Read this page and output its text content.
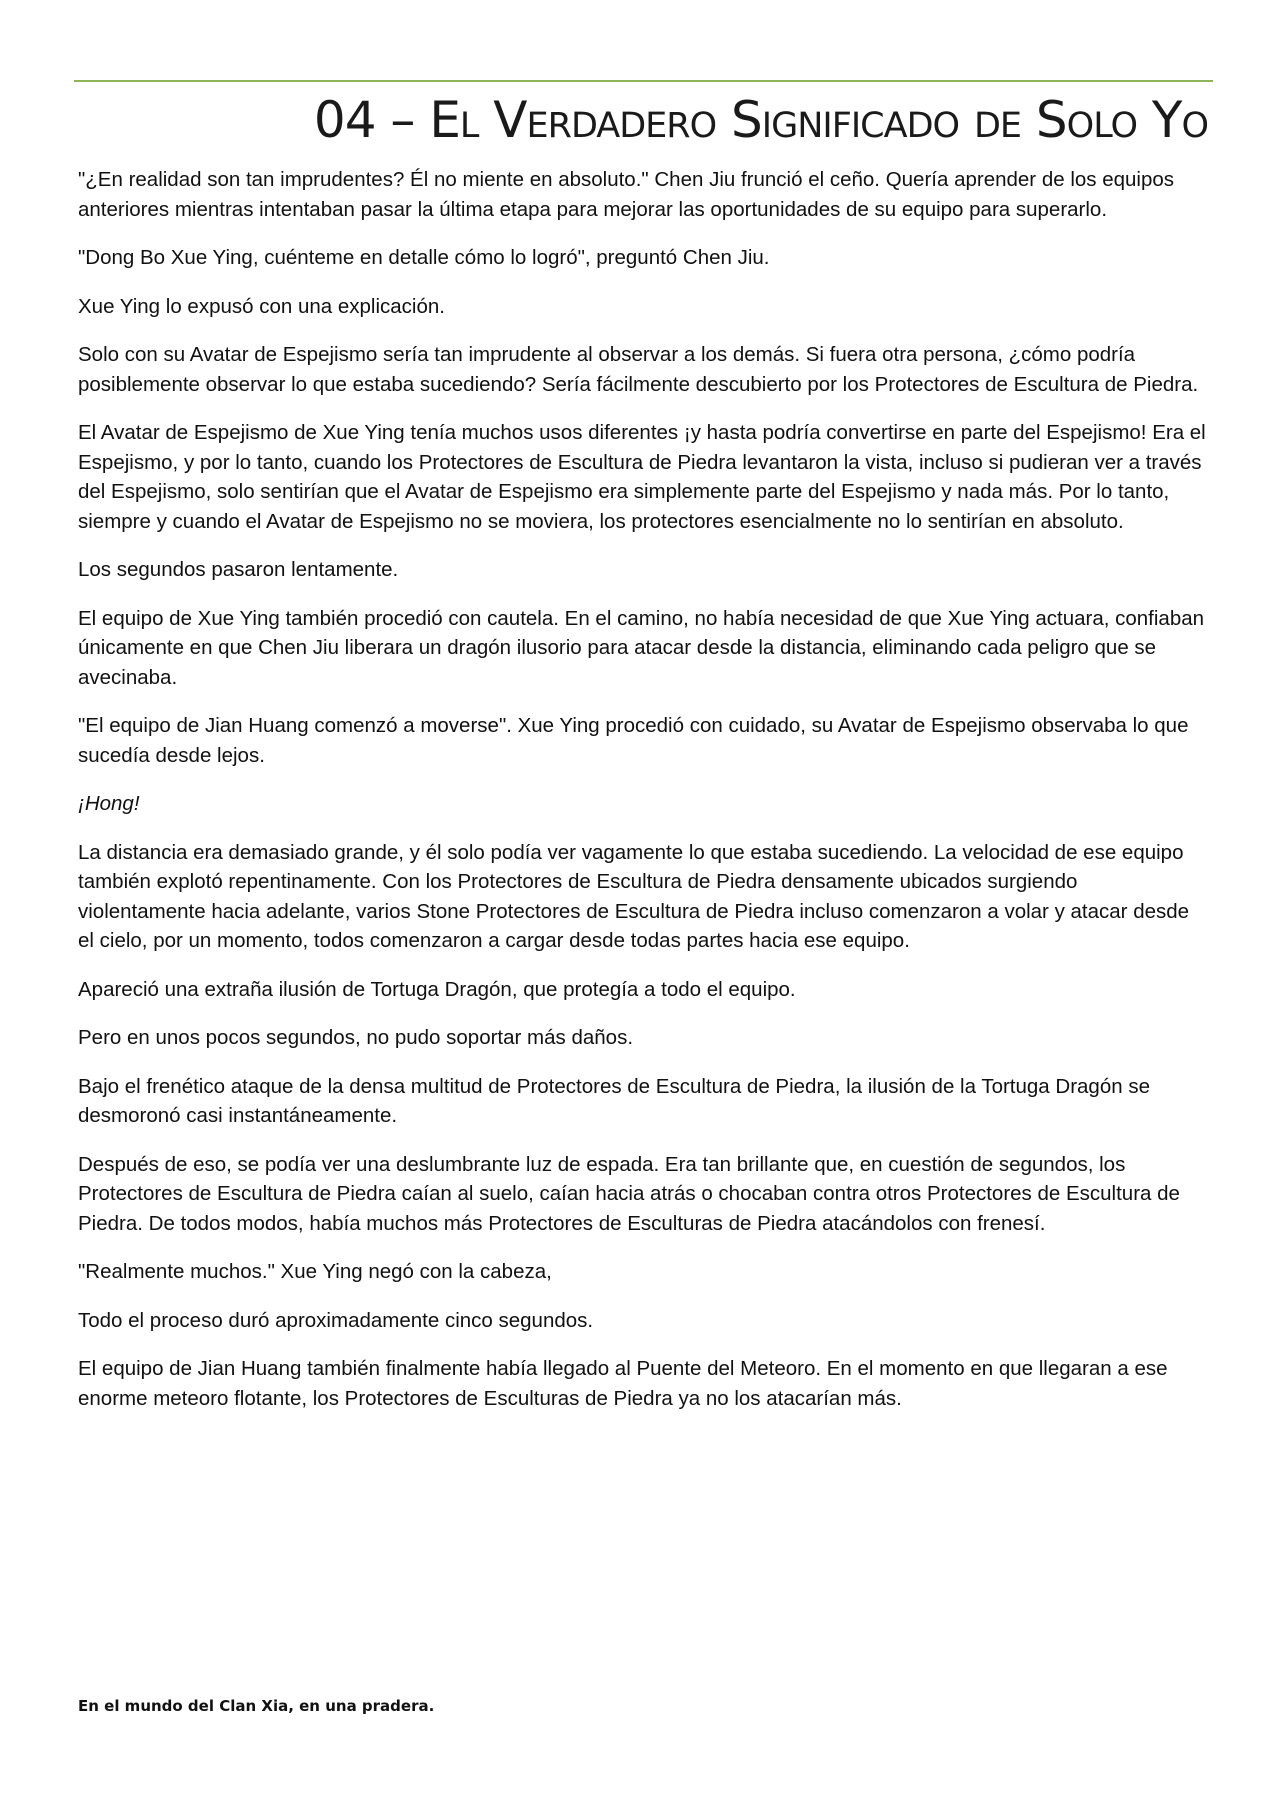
04 – El Verdadero Significado de Solo Yo

"¿En realidad son tan imprudentes? Él no miente en absoluto." Chen Jiu frunció el ceño. Quería aprender de los equipos anteriores mientras intentaban pasar la última etapa para mejorar las oportunidades de su equipo para superarlo.

"Dong Bo Xue Ying, cuénteme en detalle cómo lo logró", preguntó Chen Jiu.

Xue Ying lo expusó con una explicación.

Solo con su Avatar de Espejismo sería tan imprudente al observar a los demás. Si fuera otra persona, ¿cómo podría posiblemente observar lo que estaba sucediendo? Sería fácilmente descubierto por los Protectores de Escultura de Piedra.

El Avatar de Espejismo de Xue Ying tenía muchos usos diferentes ¡y hasta podría convertirse en parte del Espejismo! Era el Espejismo, y por lo tanto, cuando los Protectores de Escultura de Piedra levantaron la vista, incluso si pudieran ver a través del Espejismo, solo sentirían que el Avatar de Espejismo era simplemente parte del Espejismo y nada más. Por lo tanto, siempre y cuando el Avatar de Espejismo no se moviera, los protectores esencialmente no lo sentirían en absoluto.

Los segundos pasaron lentamente.

El equipo de Xue Ying también procedió con cautela. En el camino, no había necesidad de que Xue Ying actuara, confiaban únicamente en que Chen Jiu liberara un dragón ilusorio para atacar desde la distancia, eliminando cada peligro que se avecinaba.

"El equipo de Jian Huang comenzó a moverse". Xue Ying procedió con cuidado, su Avatar de Espejismo observaba lo que sucedía desde lejos.

¡Hong!

La distancia era demasiado grande, y él solo podía ver vagamente lo que estaba sucediendo. La velocidad de ese equipo también explotó repentinamente. Con los Protectores de Escultura de Piedra densamente ubicados surgiendo violentamente hacia adelante, varios Stone Protectores de Escultura de Piedra incluso comenzaron a volar y atacar desde el cielo, por un momento, todos comenzaron a cargar desde todas partes hacia ese equipo.

Apareció una extraña ilusión de Tortuga Dragón, que protegía a todo el equipo.

Pero en unos pocos segundos, no pudo soportar más daños.

Bajo el frenético ataque de la densa multitud de Protectores de Escultura de Piedra, la ilusión de la Tortuga Dragón se desmoronó casi instantáneamente.

Después de eso, se podía ver una deslumbrante luz de espada. Era tan brillante que, en cuestión de segundos, los Protectores de Escultura de Piedra caían al suelo, caían hacia atrás o chocaban contra otros Protectores de Escultura de Piedra. De todos modos, había muchos más Protectores de Esculturas de Piedra atacándolos con frenesí.

"Realmente muchos." Xue Ying negó con la cabeza,

Todo el proceso duró aproximadamente cinco segundos.

El equipo de Jian Huang también finalmente había llegado al Puente del Meteoro. En el momento en que llegaran a ese enorme meteoro flotante, los Protectores de Esculturas de Piedra ya no los atacarían más.

En el mundo del Clan Xia, en una pradera.
